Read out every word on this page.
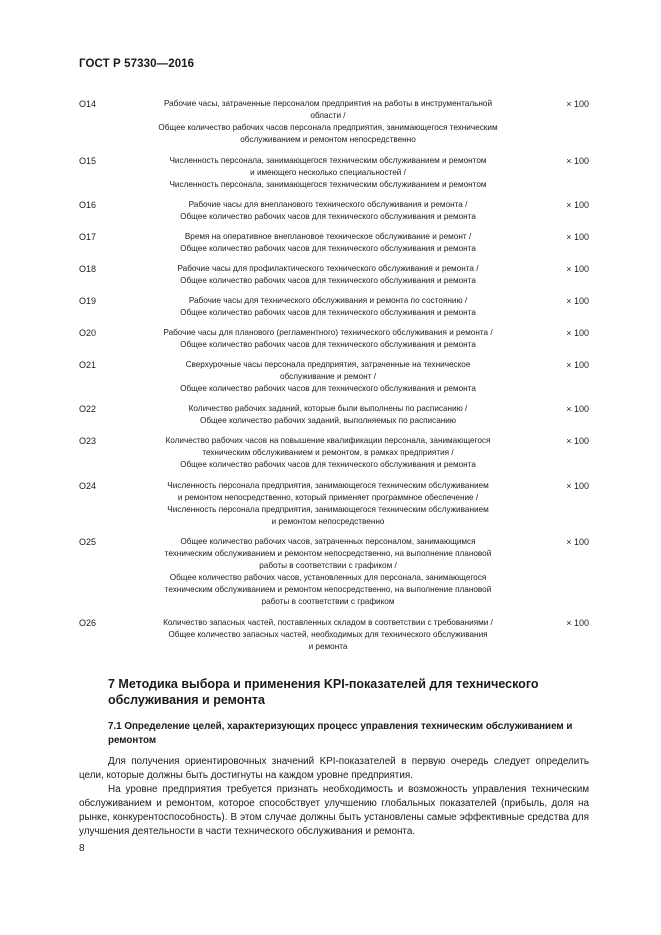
ГОСТ Р 57330—2016
O14	Рабочие часы, затраченные персоналом предприятия на работы в инструментальной
области /
Общее количество рабочих часов персонала предприятия, занимающегося техническим
обслуживанием и ремонтом непосредственно
× 100
O15	Численность персонала, занимающегося техническим обслуживанием и ремонтом
и имеющего несколько специальностей /
Численность персонала, занимающегося техническим обслуживанием и ремонтом
× 100
O16	Рабочие часы для внепланового технического обслуживания и ремонта /
Общее количество рабочих часов для технического обслуживания и ремонта
× 100
O17	Время на оперативное внеплановое техническое обслуживание и ремонт /
Общее количество рабочих часов для технического обслуживания и ремонта
× 100
O18	Рабочие часы для профилактического технического обслуживания и ремонта /
Общее количество рабочих часов для технического обслуживания и ремонта
× 100
O19	Рабочие часы для технического обслуживания и ремонта по состоянию /
Общее количество рабочих часов для технического обслуживания и ремонта
× 100
O20	Рабочие часы для планового (регламентного) технического обслуживания и ремонта /
Общее количество рабочих часов для технического обслуживания и ремонта
× 100
O21	Сверхурочные часы персонала предприятия, затраченные на техническое
обслуживание и ремонт /
Общее количество рабочих часов для технического обслуживания и ремонта
× 100
O22	Количество рабочих заданий, которые были выполнены по расписанию /
Общее количество рабочих заданий, выполняемых по расписанию
× 100
O23	Количество рабочих часов на повышение квалификации персонала, занимающегося
техническим обслуживанием и ремонтом, в рамках предприятия /
Общее количество рабочих часов для технического обслуживания и ремонта
× 100
O24	Численность персонала предприятия, занимающегося техническим обслуживанием
и ремонтом непосредственно, который применяет программное обеспечение /
Численность персонала предприятия, занимающегося техническим обслуживанием
и ремонтом непосредственно
× 100
O25	Общее количество рабочих часов, затраченных персоналом, занимающимся
техническим обслуживанием и ремонтом непосредственно, на выполнение плановой
работы в соответствии с графиком /
Общее количество рабочих часов, установленных для персонала, занимающегося
техническим обслуживанием и ремонтом непосредственно, на выполнение плановой
работы в соответствии с графиком
× 100
O26	Количество запасных частей, поставленных складом в соответствии с требованиями /
Общее количество запасных частей, необходимых для технического обслуживания
и ремонта
× 100
7 Методика выбора и применения KPI-показателей для технического обслуживания и ремонта
7.1 Определение целей, характеризующих процесс управления техническим обслуживанием и ремонтом

Для получения ориентировочных значений KPI-показателей в первую очередь следует определить цели, которые должны быть достигнуты на каждом уровне предприятия.

На уровне предприятия требуется признать необходимость и возможность управления техническим обслуживанием и ремонтом, которое способствует улучшению глобальных показателей (прибыль, доля на рынке, конкурентоспособность). В этом случае должны быть установлены самые эффективные средства для улучшения деятельности в части технического обслуживания и ремонта.

8
